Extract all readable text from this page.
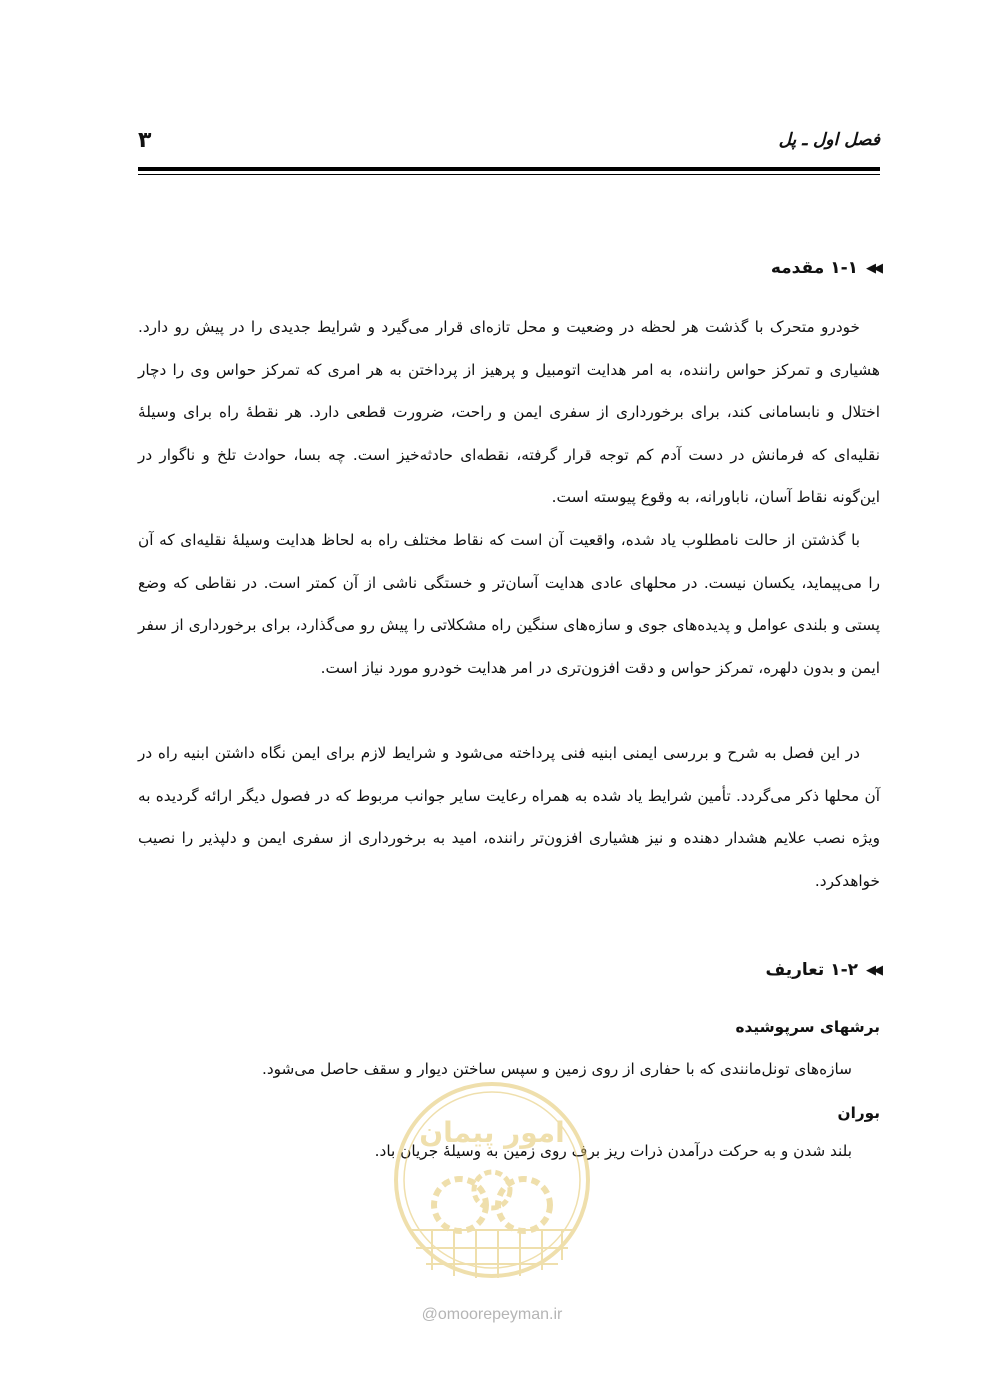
فصل اول ـ پل
۳
◀◀
۱-۱ مقدمه

خودرو متحرک با گذشت هر لحظه در وضعیت و محل تازه‌ای قرار می‌گیرد و شرایط جدیدی را در پیش رو دارد. هشیاری و تمرکز حواس راننده، به امر هدایت اتومبیل و پرهیز از پرداختن به هر امری که تمرکز حواس وی را دچار اختلال و نابسامانی کند، برای برخورداری از سفری ایمن و راحت، ضرورت قطعی دارد. هر نقطهٔ راه برای وسیلهٔ نقلیه‌ای که فرمانش در دست آدم کم توجه قرار گرفته، نقطه‌ای حادثه‌خیز است. چه بسا، حوادث تلخ و ناگوار در این‌گونه نقاط آسان، ناباورانه، به وقوع پیوسته است.

با گذشتن از حالت نامطلوب یاد شده، واقعیت آن است که نقاط مختلف راه به لحاظ هدایت وسیلهٔ نقلیه‌ای که آن را می‌پیماید، یکسان نیست. در محلهای عادی هدایت آسان‌تر و خستگی ناشی از آن کمتر است. در نقاطی که وضع پستی و بلندی عوامل و پدیده‌های جوی و سازه‌های سنگین راه مشکلاتی را پیش رو می‌گذارد، برای برخورداری از سفر ایمن و بدون دلهره، تمرکز حواس و دقت افزون‌تری در امر هدایت خودرو مورد نیاز است.

در این فصل به شرح و بررسی ایمنی ابنیه فنی پرداخته می‌شود و شرایط لازم برای ایمن نگاه داشتن ابنیه راه در آن محلها ذکر می‌گردد. تأمین شرایط یاد شده به همراه رعایت سایر جوانب مربوط که در فصول دیگر ارائه گردیده به ویژه نصب علایم هشدار دهنده و نیز هشیاری افزون‌تر راننده، امید به برخورداری از سفری ایمن و دلپذیر را نصیب خواهدکرد.

◀◀
۱-۲ تعاریف
برشهای سرپوشیده
سازه‌های تونل‌مانندی که با حفاری از روی زمین و سپس ساختن دیوار و سقف حاصل می‌شود.
بوران
بلند شدن و به حرکت درآمدن ذرات ریز برف روی زمین به وسیلهٔ جریان باد.
امور پیمان
@omoorepeyman.ir
